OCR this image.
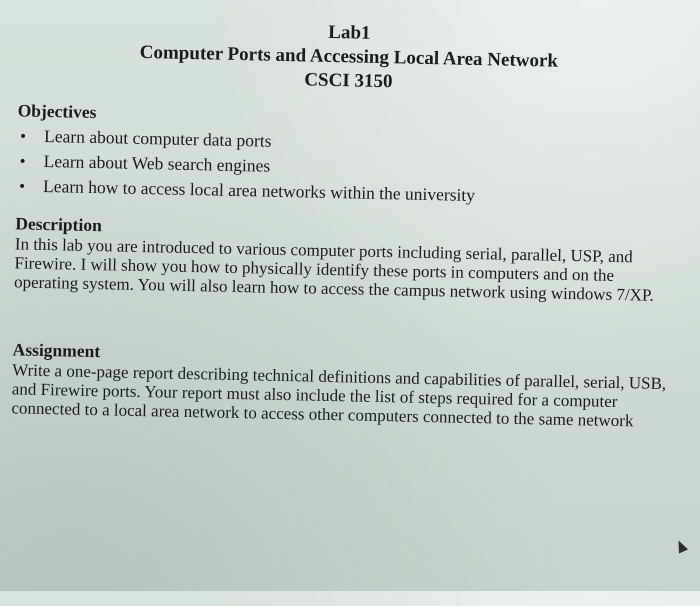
Lab1
Computer Ports and Accessing Local Area Network
CSCI 3150
Objectives
• Learn about computer data ports
• Learn about Web search engines
• Learn how to access local area networks within the university
Description

In this lab you are introduced to various computer ports including serial, parallel, USP, and Firewire. I will show you how to physically identify these ports in computers and on the operating system. You will also learn how to access the campus network using windows 7/XP.

Assignment

Write a one-page report describing technical definitions and capabilities of parallel, serial, USB, and Firewire ports. Your report must also include the list of steps required for a computer connected to a local area network to access other computers connected to the same network
